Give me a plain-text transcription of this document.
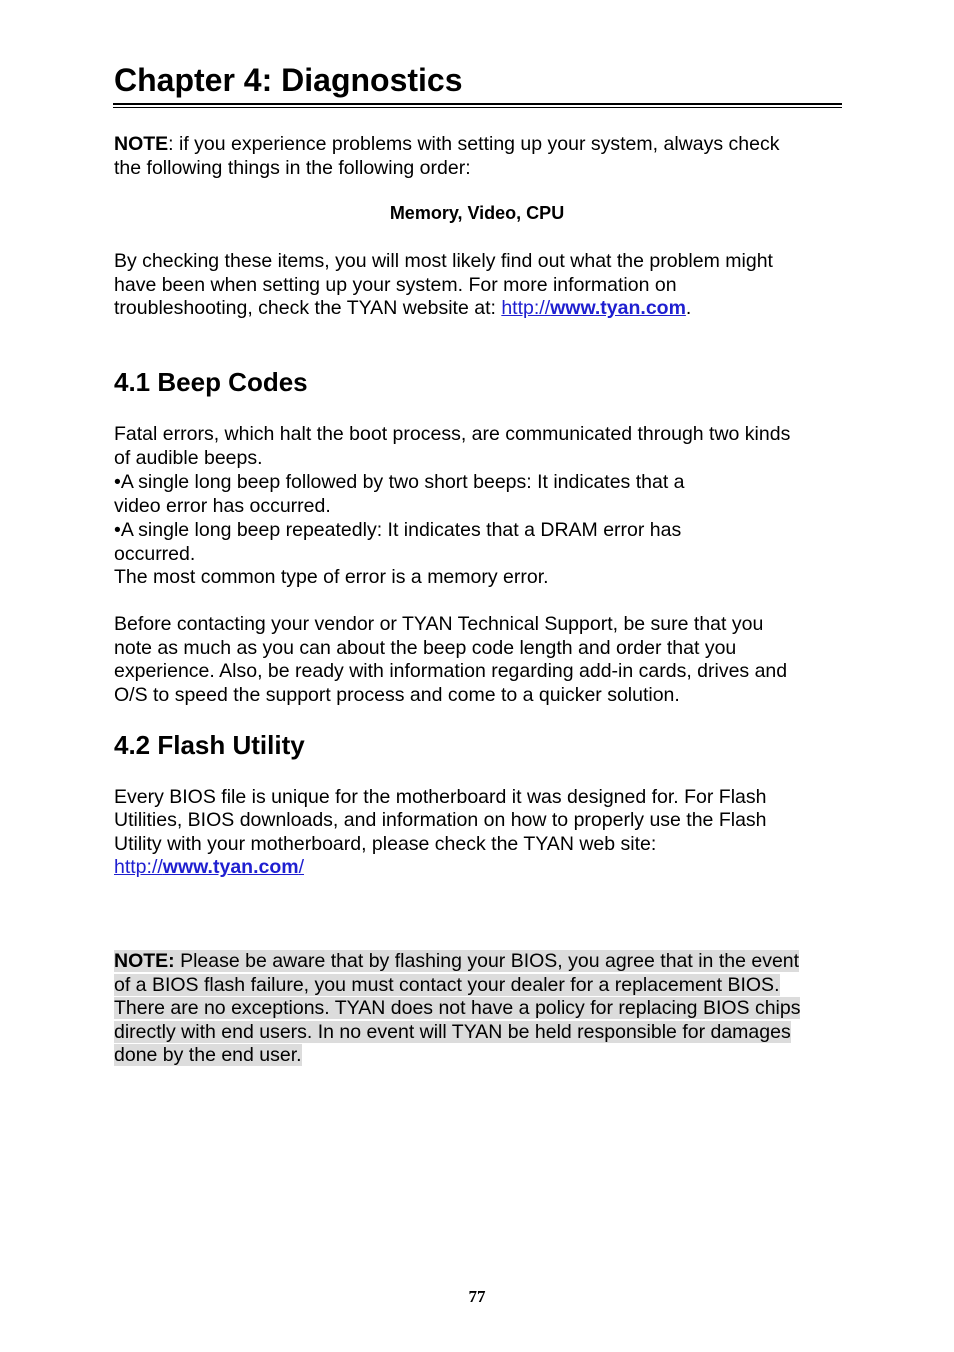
Chapter 4: Diagnostics
NOTE: if you experience problems with setting up your system, always check
the following things in the following order:
Memory, Video, CPU
By checking these items, you will most likely find out what the problem might
have been when setting up your system. For more information on
troubleshooting, check the TYAN website at: http://www.tyan.com.
4.1 Beep Codes
Fatal errors, which halt the boot process, are communicated through two kinds
of audible beeps.
•A single long beep followed by two short beeps: It indicates that a
video error has occurred.
•A single long beep repeatedly: It indicates that a DRAM error has
occurred.
The most common type of error is a memory error.
Before contacting your vendor or TYAN Technical Support, be sure that you
note as much as you can about the beep code length and order that you
experience. Also, be ready with information regarding add-in cards, drives and
O/S to speed the support process and come to a quicker solution.
4.2 Flash Utility
Every BIOS file is unique for the motherboard it was designed for. For Flash
Utilities, BIOS downloads, and information on how to properly use the Flash
Utility with your motherboard, please check the TYAN web site:
http://www.tyan.com/
NOTE: Please be aware that by flashing your BIOS, you agree that in the event
of a BIOS flash failure, you must contact your dealer for a replacement BIOS.
There are no exceptions. TYAN does not have a policy for replacing BIOS chips
directly with end users. In no event will TYAN be held responsible for damages
done by the end user.
77
